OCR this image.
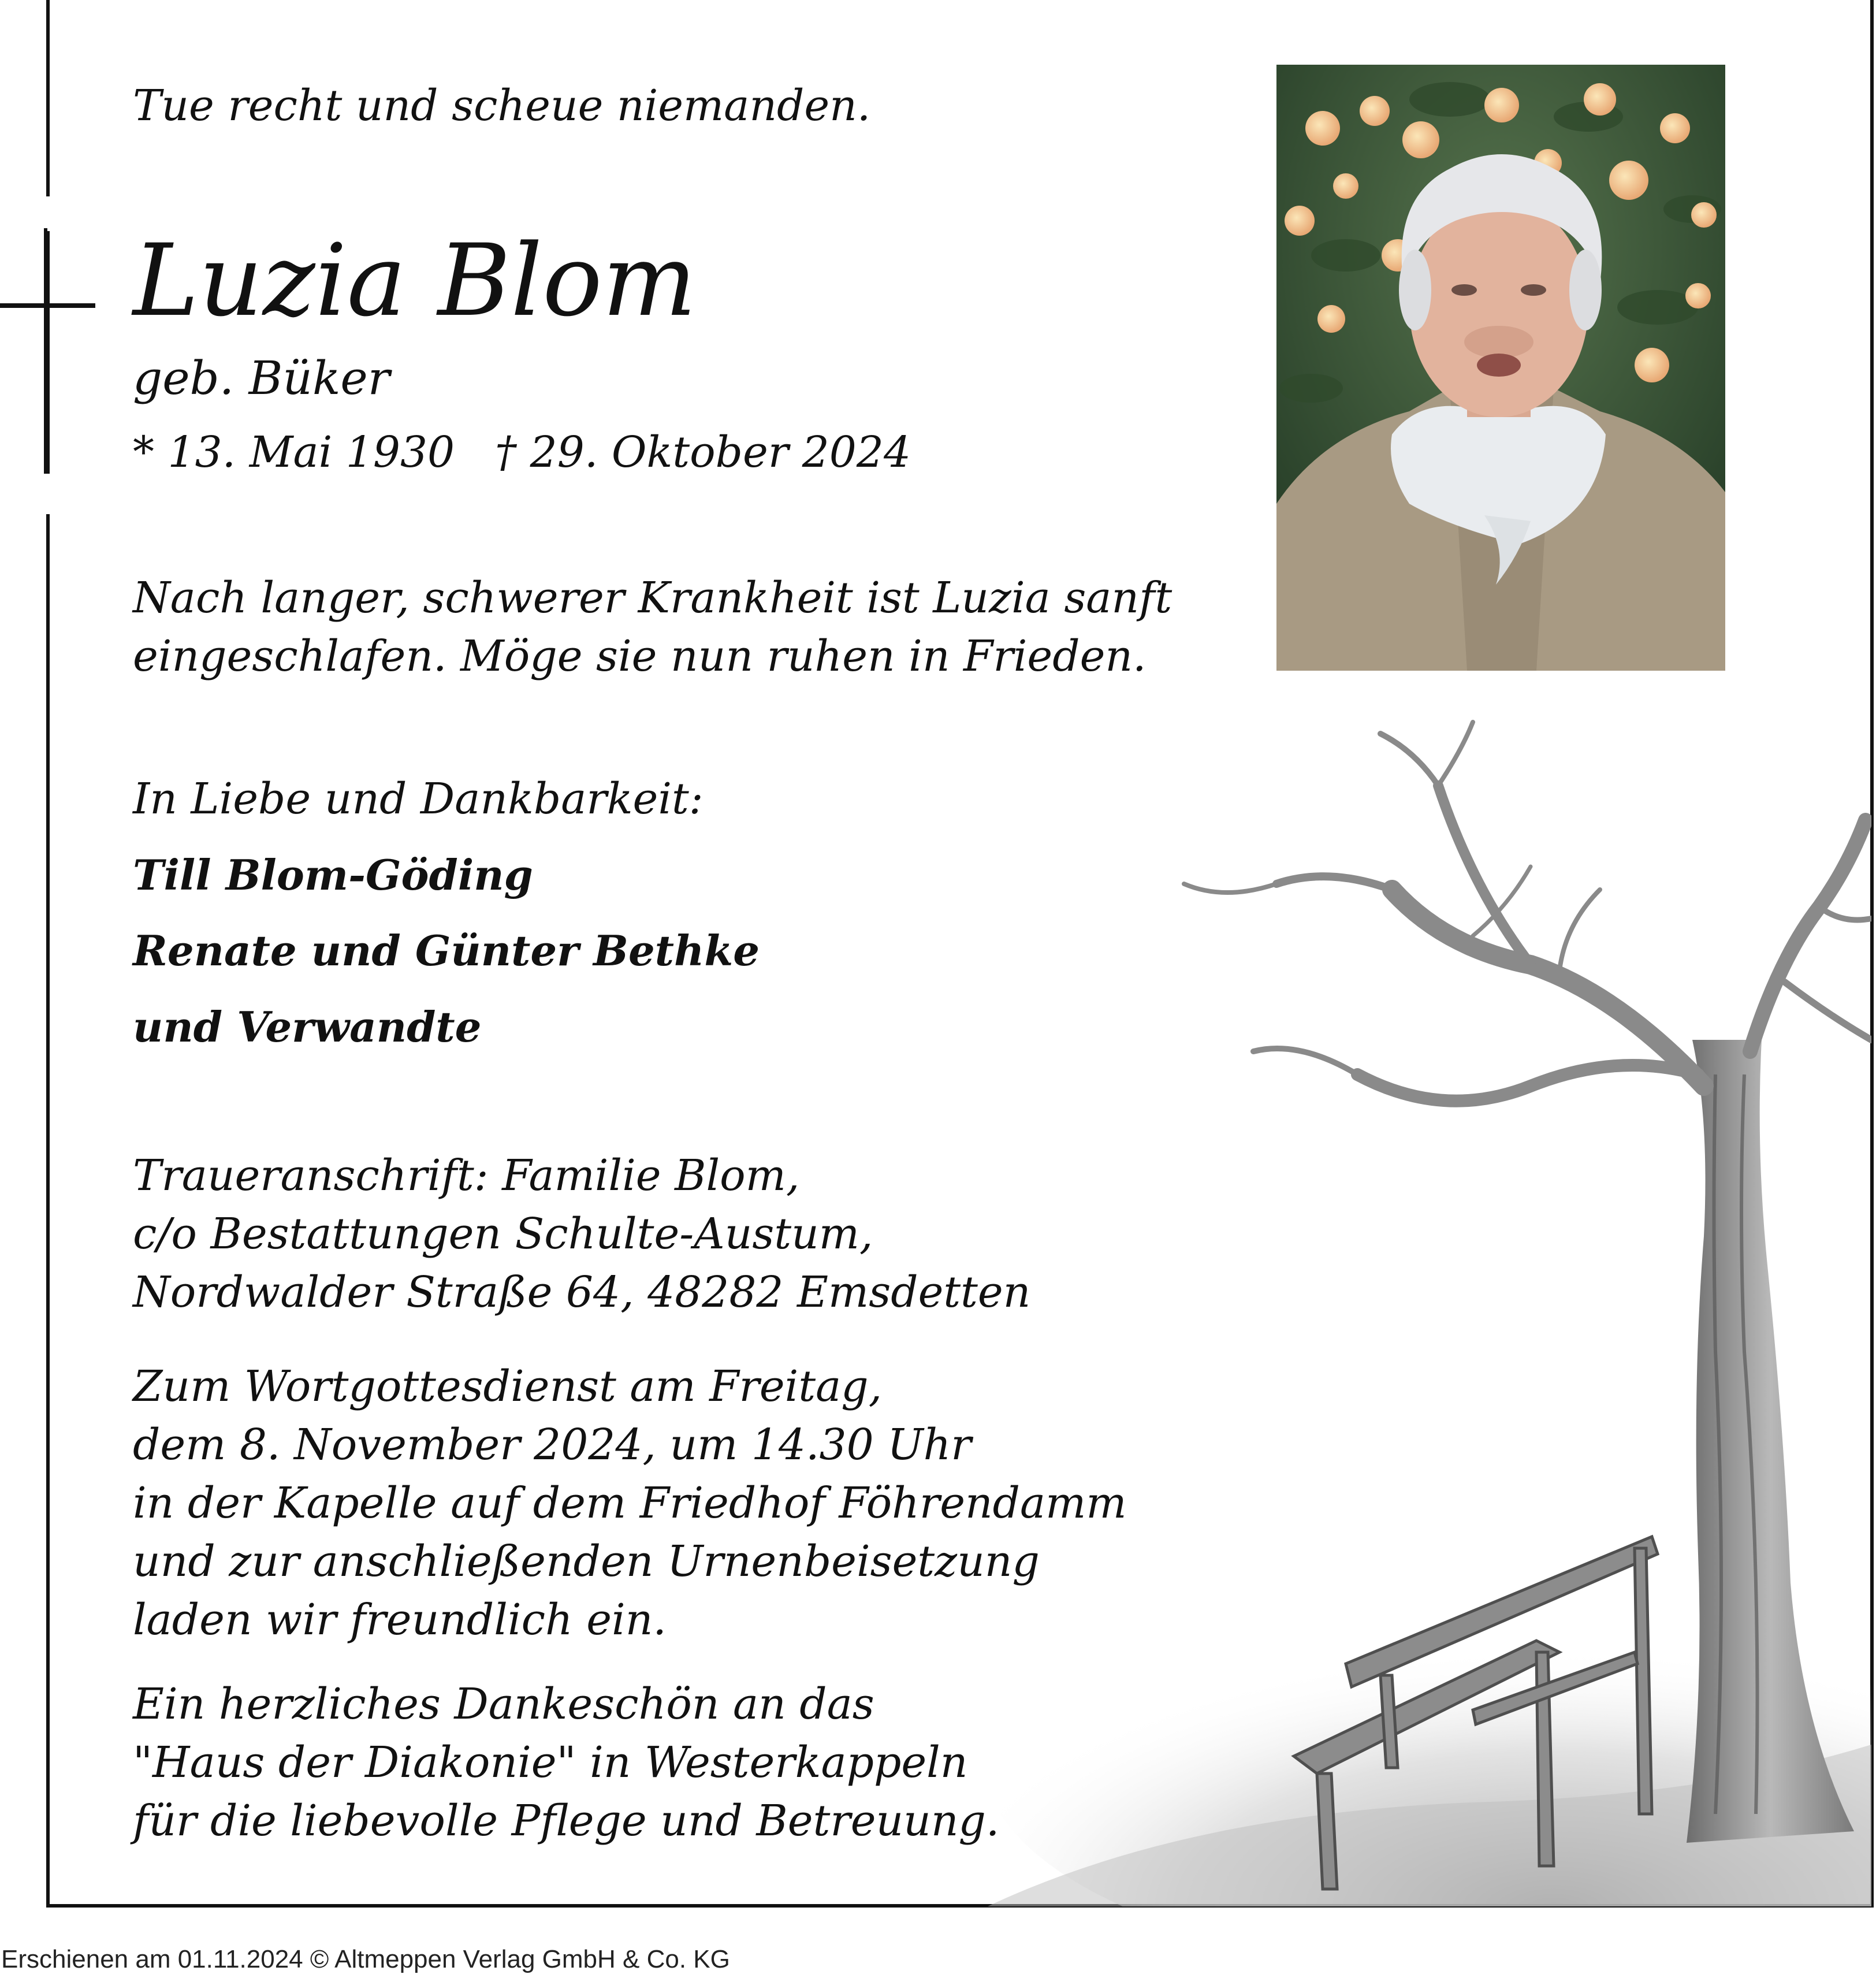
Tue recht und scheue niemanden.
Luzia Blom
geb. Büker
* 13. Mai 1930 † 29. Oktober 2024
Nach langer, schwerer Krankheit ist Luzia sanft
eingeschlafen. Möge sie nun ruhen in Frieden.
In Liebe und Dankbarkeit:
Till Blom-Göding
Renate und Günter Bethke
und Verwandte
Traueranschrift: Familie Blom,
c/o Bestattungen Schulte-Austum,
Nordwalder Straße 64, 48282 Emsdetten
Zum Wortgottesdienst am Freitag,
dem 8. November 2024, um 14.30 Uhr
in der Kapelle auf dem Friedhof Föhrendamm
und zur anschließenden Urnenbeisetzung
laden wir freundlich ein.
Ein herzliches Dankeschön an das
"Haus der Diakonie" in Westerkappeln
für die liebevolle Pflege und Betreuung.
Erschienen am 01.11.2024 © Altmeppen Verlag GmbH & Co. KG
